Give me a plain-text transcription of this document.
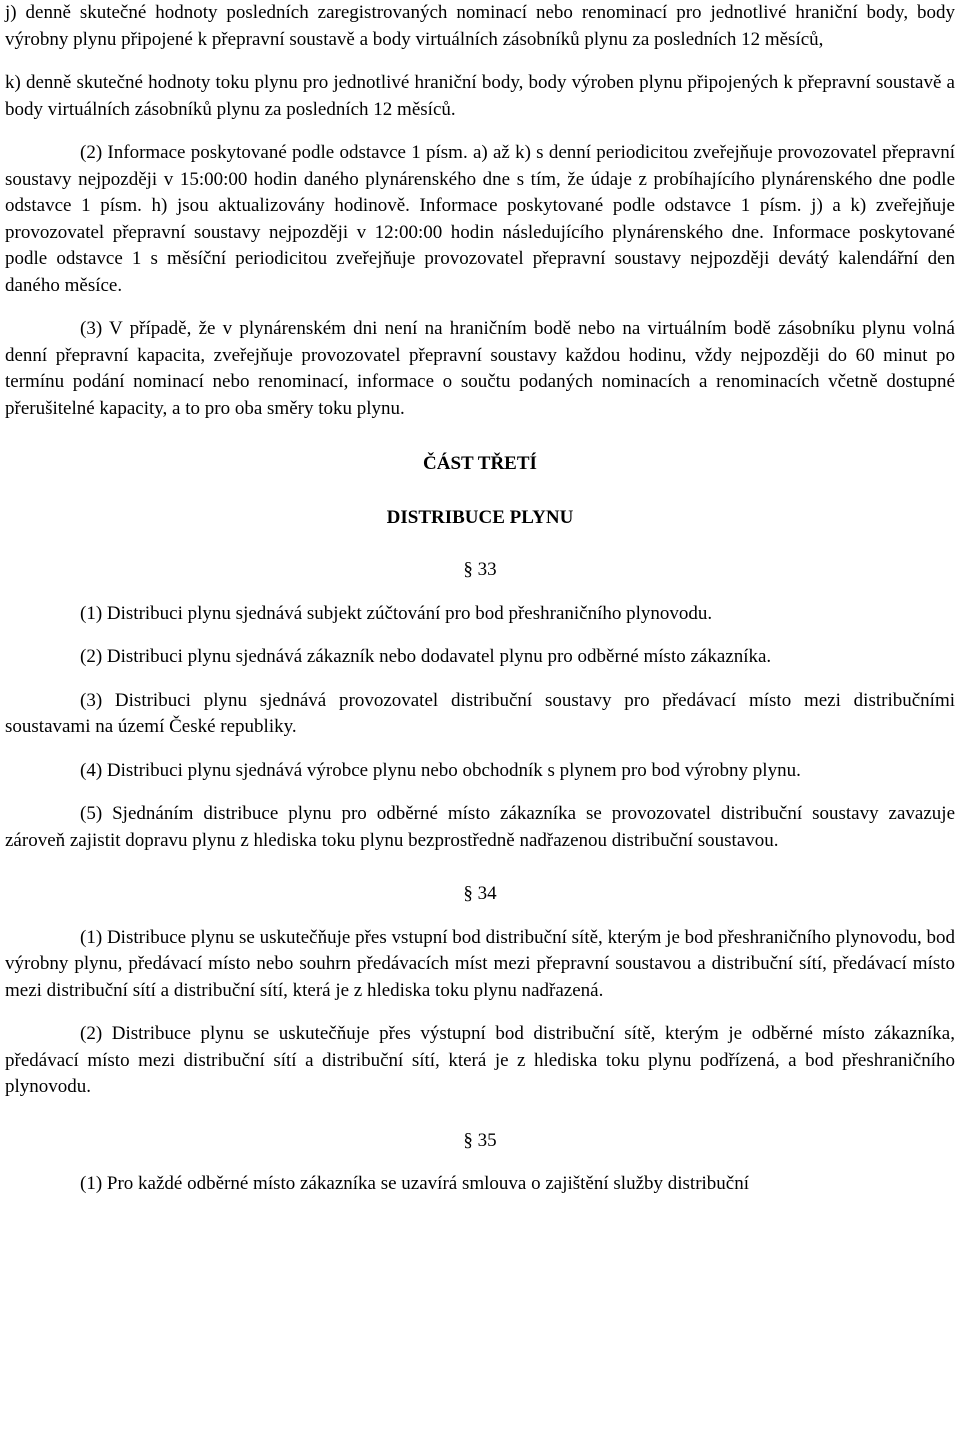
j) denně skutečné hodnoty posledních zaregistrovaných nominací nebo renominací pro jednotlivé hraniční body, body výrobny plynu připojené k přepravní soustavě a body virtuálních zásobníků plynu za posledních 12 měsíců,

k) denně skutečné hodnoty toku plynu pro jednotlivé hraniční body, body výroben plynu připojených k přepravní soustavě a body virtuálních zásobníků plynu za posledních 12 měsíců.

(2) Informace poskytované podle odstavce 1 písm. a) až k) s denní periodicitou zveřejňuje provozovatel přepravní soustavy nejpozději v 15:00:00 hodin daného plynárenského dne s tím, že údaje z probíhajícího plynárenského dne podle odstavce 1 písm. h) jsou aktualizovány hodinově. Informace poskytované podle odstavce 1 písm. j) a k) zveřejňuje provozovatel přepravní soustavy nejpozději v 12:00:00 hodin následujícího plynárenského dne. Informace poskytované podle odstavce 1 s měsíční periodicitou zveřejňuje provozovatel přepravní soustavy nejpozději devátý kalendářní den daného měsíce.

(3) V případě, že v plynárenském dni není na hraničním bodě nebo na virtuálním bodě zásobníku plynu volná denní přepravní kapacita, zveřejňuje provozovatel přepravní soustavy každou hodinu, vždy nejpozději do 60 minut po termínu podání nominací nebo renominací, informace o součtu podaných nominacích a renominacích včetně dostupné přerušitelné kapacity, a to pro oba směry toku plynu.

ČÁST TŘETÍ

DISTRIBUCE PLYNU

§ 33

(1) Distribuci plynu sjednává subjekt zúčtování pro bod přeshraničního plynovodu.

(2) Distribuci plynu sjednává zákazník nebo dodavatel plynu pro odběrné místo zákazníka.

(3) Distribuci plynu sjednává provozovatel distribuční soustavy pro předávací místo mezi distribučními soustavami na území České republiky.

(4) Distribuci plynu sjednává výrobce plynu nebo obchodník s plynem pro bod výrobny plynu.

(5) Sjednáním distribuce plynu pro odběrné místo zákazníka se provozovatel distribuční soustavy zavazuje zároveň zajistit dopravu plynu z hlediska toku plynu bezprostředně nadřazenou distribuční soustavou.

§ 34

(1) Distribuce plynu se uskutečňuje přes vstupní bod distribuční sítě, kterým je bod přeshraničního plynovodu, bod výrobny plynu, předávací místo nebo souhrn předávacích míst mezi přepravní soustavou a distribuční sítí, předávací místo mezi distribuční sítí a distribuční sítí, která je z hlediska toku plynu nadřazená.

(2) Distribuce plynu se uskutečňuje přes výstupní bod distribuční sítě, kterým je odběrné místo zákazníka, předávací místo mezi distribuční sítí a distribuční sítí, která je z hlediska toku plynu podřízená, a bod přeshraničního plynovodu.

§ 35

(1) Pro každé odběrné místo zákazníka se uzavírá smlouva o zajištění služby distribuční
